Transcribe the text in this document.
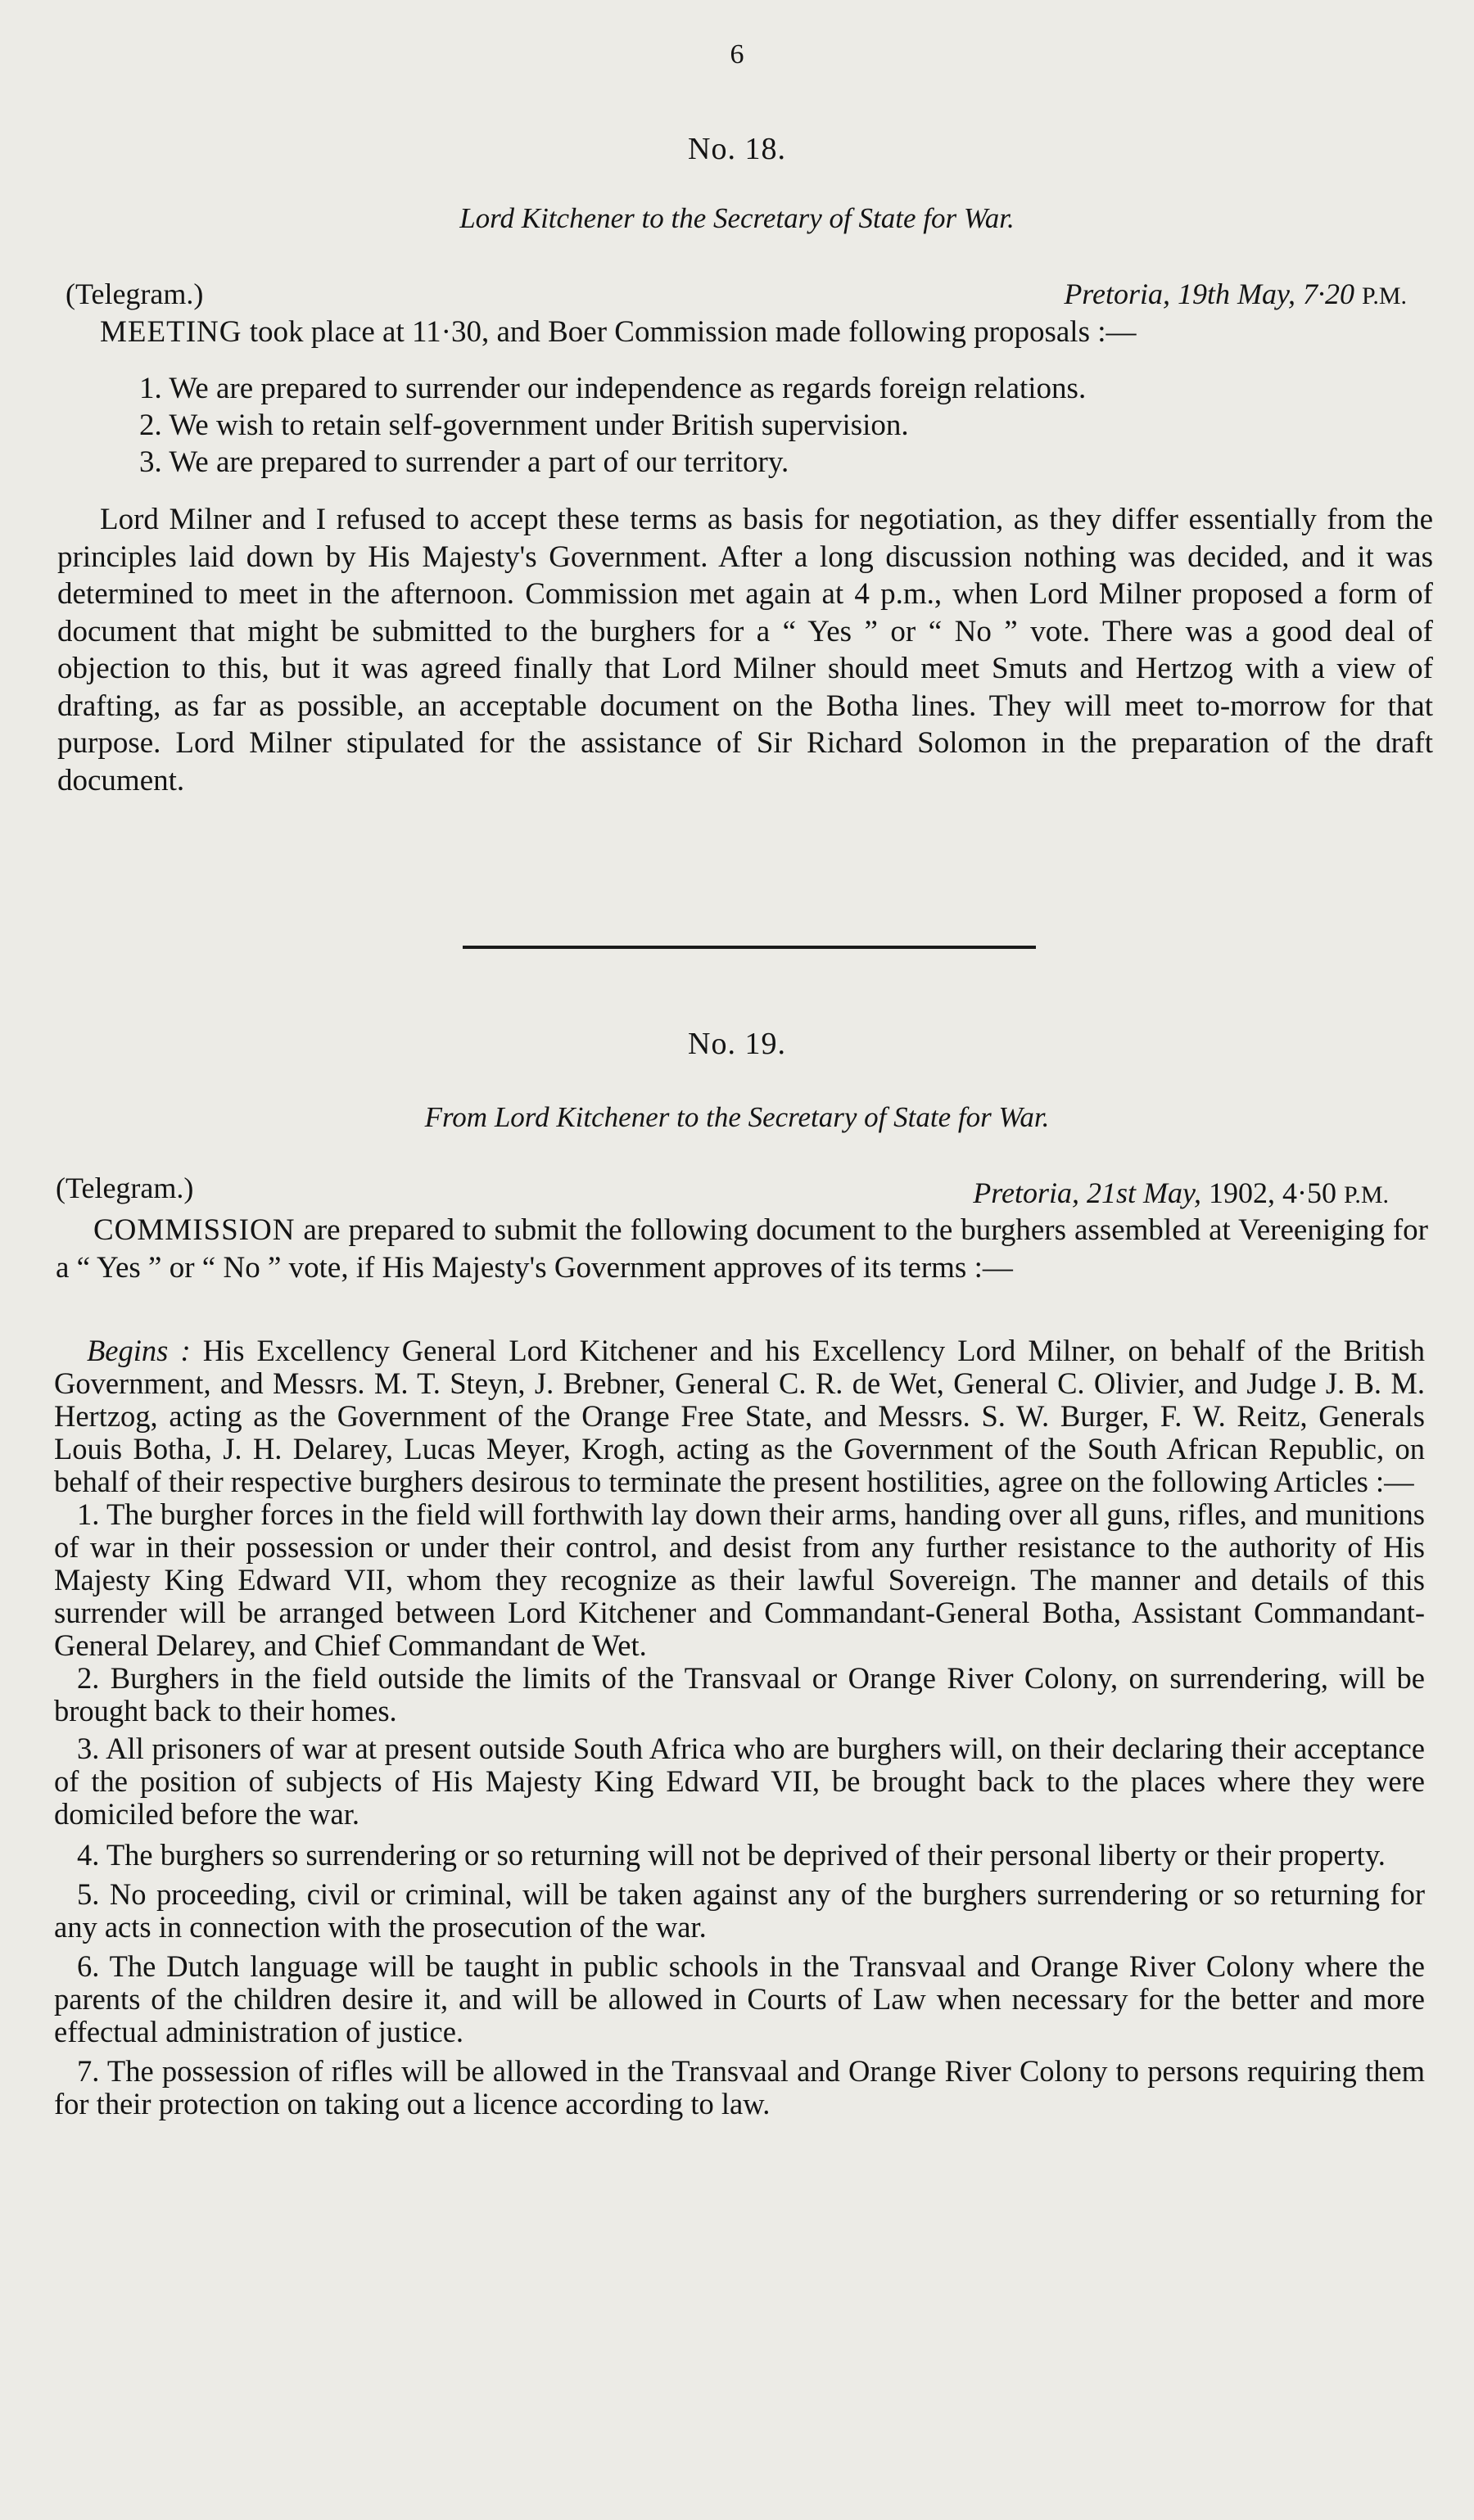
6
No. 18.
Lord Kitchener to the Secretary of State for War.
(Telegram.)	Pretoria, 19th May, 7·20 P.M.
MEETING took place at 11·30, and Boer Commission made following proposals :—
1. We are prepared to surrender our independence as regards foreign relations.
2. We wish to retain self-government under British supervision.
3. We are prepared to surrender a part of our territory.
Lord Milner and I refused to accept these terms as basis for negotiation, as they differ essentially from the principles laid down by His Majesty's Government. After a long discussion nothing was decided, and it was determined to meet in the afternoon. Commission met again at 4 p.m., when Lord Milner proposed a form of document that might be submitted to the burghers for a “ Yes ” or “ No ” vote. There was a good deal of objection to this, but it was agreed finally that Lord Milner should meet Smuts and Hertzog with a view of drafting, as far as possible, an acceptable document on the Botha lines. They will meet to-morrow for that purpose. Lord Milner stipulated for the assistance of Sir Richard Solomon in the preparation of the draft document.
No. 19.
From Lord Kitchener to the Secretary of State for War.
(Telegram.)	Pretoria, 21st May, 1902, 4·50 P.M.
COMMISSION are prepared to submit the following document to the burghers assembled at Vereeniging for a “ Yes ” or “ No ” vote, if His Majesty's Government approves of its terms :—

Begins : His Excellency General Lord Kitchener and his Excellency Lord Milner, on behalf of the British Government, and Messrs. M. T. Steyn, J. Brebner, General C. R. de Wet, General C. Olivier, and Judge J. B. M. Hertzog, acting as the Government of the Orange Free State, and Messrs. S. W. Burger, F. W. Reitz, Generals Louis Botha, J. H. Delarey, Lucas Meyer, Krogh, acting as the Government of the South African Republic, on behalf of their respective burghers desirous to terminate the present hostilities, agree on the following Articles :—

1. The burgher forces in the field will forthwith lay down their arms, handing over all guns, rifles, and munitions of war in their possession or under their control, and desist from any further resistance to the authority of His Majesty King Edward VII, whom they recognize as their lawful Sovereign. The manner and details of this surrender will be arranged between Lord Kitchener and Commandant-General Botha, Assistant Commandant-General Delarey, and Chief Commandant de Wet.

2. Burghers in the field outside the limits of the Transvaal or Orange River Colony, on surrendering, will be brought back to their homes.

3. All prisoners of war at present outside South Africa who are burghers will, on their declaring their acceptance of the position of subjects of His Majesty King Edward VII, be brought back to the places where they were domiciled before the war.

4. The burghers so surrendering or so returning will not be deprived of their personal liberty or their property.

5. No proceeding, civil or criminal, will be taken against any of the burghers surrendering or so returning for any acts in connection with the prosecution of the war.

6. The Dutch language will be taught in public schools in the Transvaal and Orange River Colony where the parents of the children desire it, and will be allowed in Courts of Law when necessary for the better and more effectual administration of justice.

7. The possession of rifles will be allowed in the Transvaal and Orange River Colony to persons requiring them for their protection on taking out a licence according to law.
